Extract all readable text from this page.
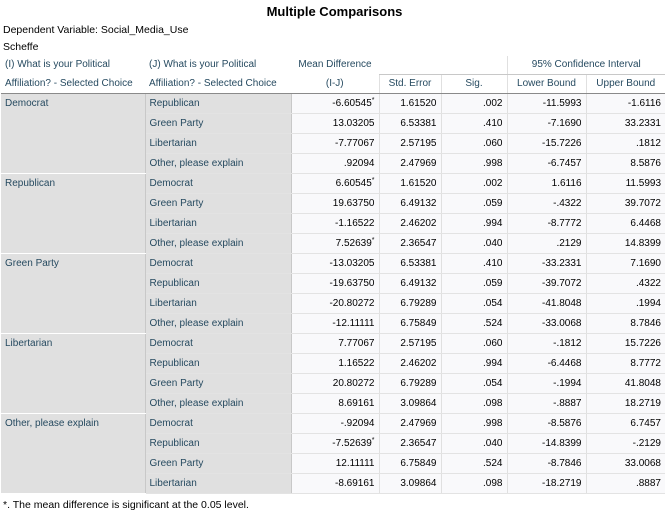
Multiple Comparisons
Dependent Variable: Social_Media_Use
Scheffe
(I) What is your Political	(J) What is your Political	Mean Difference			95% Confidence Interval	
Affiliation? - Selected Choice	Affiliation? - Selected Choice	(I-J)	Std. Error	Sig.	Lower Bound	Upper Bound
Democrat	Republican	-6.60545*	1.61520	.002	-11.5993	-1.6116
	Green Party	13.03205	6.53381	.410	-7.1690	33.2331
	Libertarian	-7.77067	2.57195	.060	-15.7226	.1812
	Other, please explain	.92094	2.47969	.998	-6.7457	8.5876
Republican	Democrat	6.60545*	1.61520	.002	1.6116	11.5993
	Green Party	19.63750	6.49132	.059	-.4322	39.7072
	Libertarian	-1.16522	2.46202	.994	-8.7772	6.4468
	Other, please explain	7.52639*	2.36547	.040	.2129	14.8399
Green Party	Democrat	-13.03205	6.53381	.410	-33.2331	7.1690
	Republican	-19.63750	6.49132	.059	-39.7072	.4322
	Libertarian	-20.80272	6.79289	.054	-41.8048	.1994
	Other, please explain	-12.11111	6.75849	.524	-33.0068	8.7846
Libertarian	Democrat	7.77067	2.57195	.060	-.1812	15.7226
	Republican	1.16522	2.46202	.994	-6.4468	8.7772
	Green Party	20.80272	6.79289	.054	-.1994	41.8048
	Other, please explain	8.69161	3.09864	.098	-.8887	18.2719
Other, please explain	Democrat	-.92094	2.47969	.998	-8.5876	6.7457
	Republican	-7.52639*	2.36547	.040	-14.8399	-.2129
	Green Party	12.11111	6.75849	.524	-8.7846	33.0068
	Libertarian	-8.69161	3.09864	.098	-18.2719	.8887
*. The mean difference is significant at the 0.05 level.
